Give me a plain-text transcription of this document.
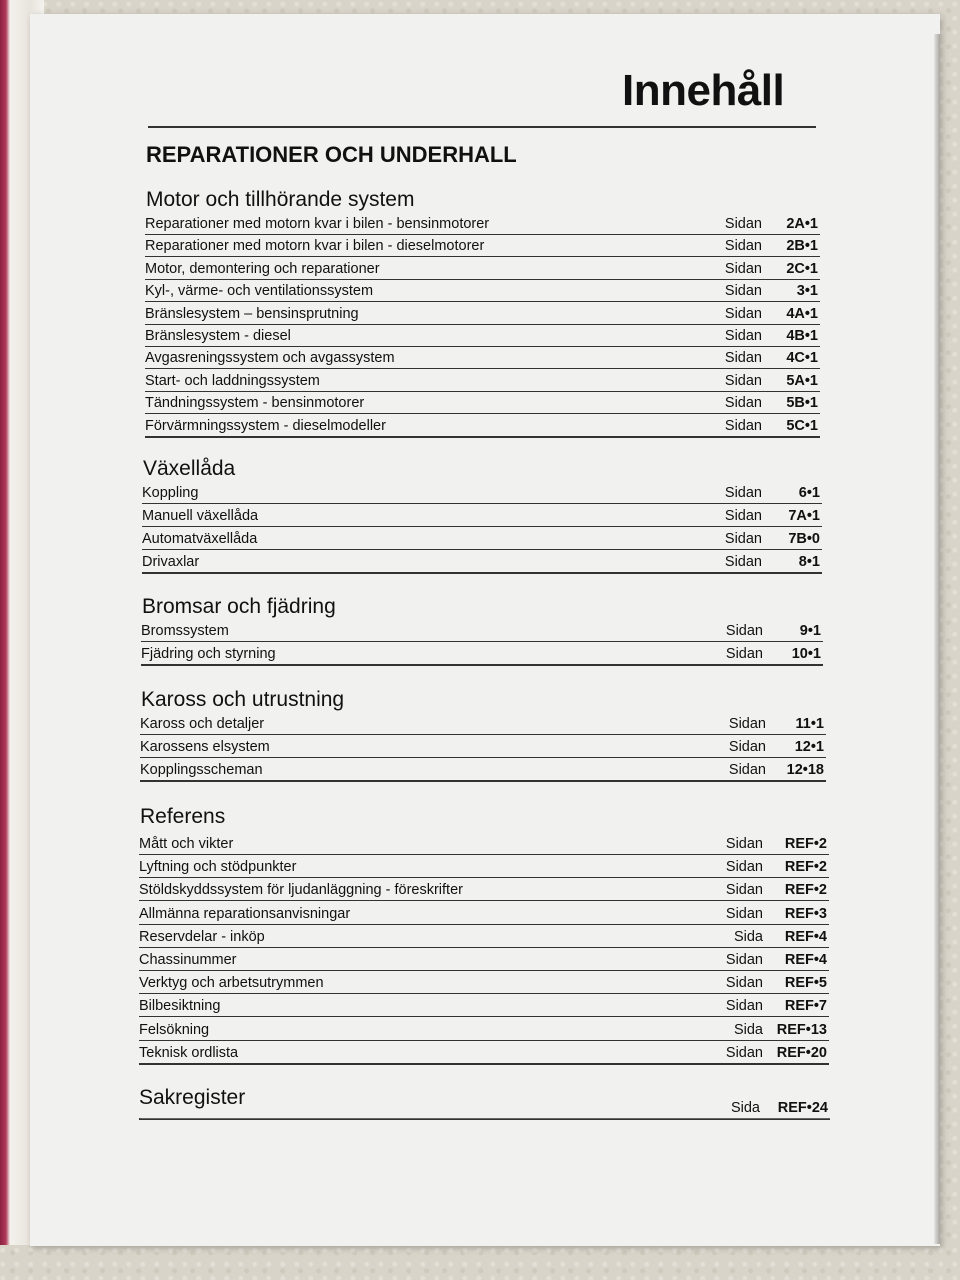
Innehåll
REPARATIONER OCH UNDERHALL
Motor och tillhörande system
Reparationer med motorn kvar i bilen - bensinmotorer	Sidan 2A•1
Reparationer med motorn kvar i bilen - dieselmotorer	Sidan 2B•1
Motor, demontering och reparationer	Sidan 2C•1
Kyl-, värme- och ventilationssystem	Sidan 3•1
Bränslesystem – bensinsprutning	Sidan 4A•1
Bränslesystem - diesel	Sidan 4B•1
Avgasreningssystem och avgassystem	Sidan 4C•1
Start- och laddningssystem	Sidan 5A•1
Tändningssystem - bensinmotorer	Sidan 5B•1
Förvärmningssystem - dieselmodeller	Sidan 5C•1
Växellåda
Koppling	Sidan	6•1
Manuell växellåda	Sidan 7A•1
Automatväxellåda	Sidan 7B•0
Drivaxlar	Sidan	8•1
Bromsar och fjädring
Bromssystem	Sidan	9•1
Fjädring och styrning	Sidan 10•1
Kaross och utrustning
Kaross och detaljer	Sidan 11•1
Karossens elsystem	Sidan 12•1
Kopplingsscheman	Sidan 12•18
Referens
Mått och vikter	Sidan REF•2
Lyftning och stödpunkter	Sidan REF•2
Stöldskyddssystem för ljudanläggning - föreskrifter	Sidan REF•2
Allmänna reparationsanvisningar	Sidan REF•3
Reservdelar - inköp	Sida REF•4
Chassinummer	Sidan REF•4
Verktyg och arbetsutrymmen	Sidan REF•5
Bilbesiktning	Sidan REF•7
Felsökning	Sida REF•13
Teknisk ordlista	Sidan REF•20
Sakregister	Sida REF•24
